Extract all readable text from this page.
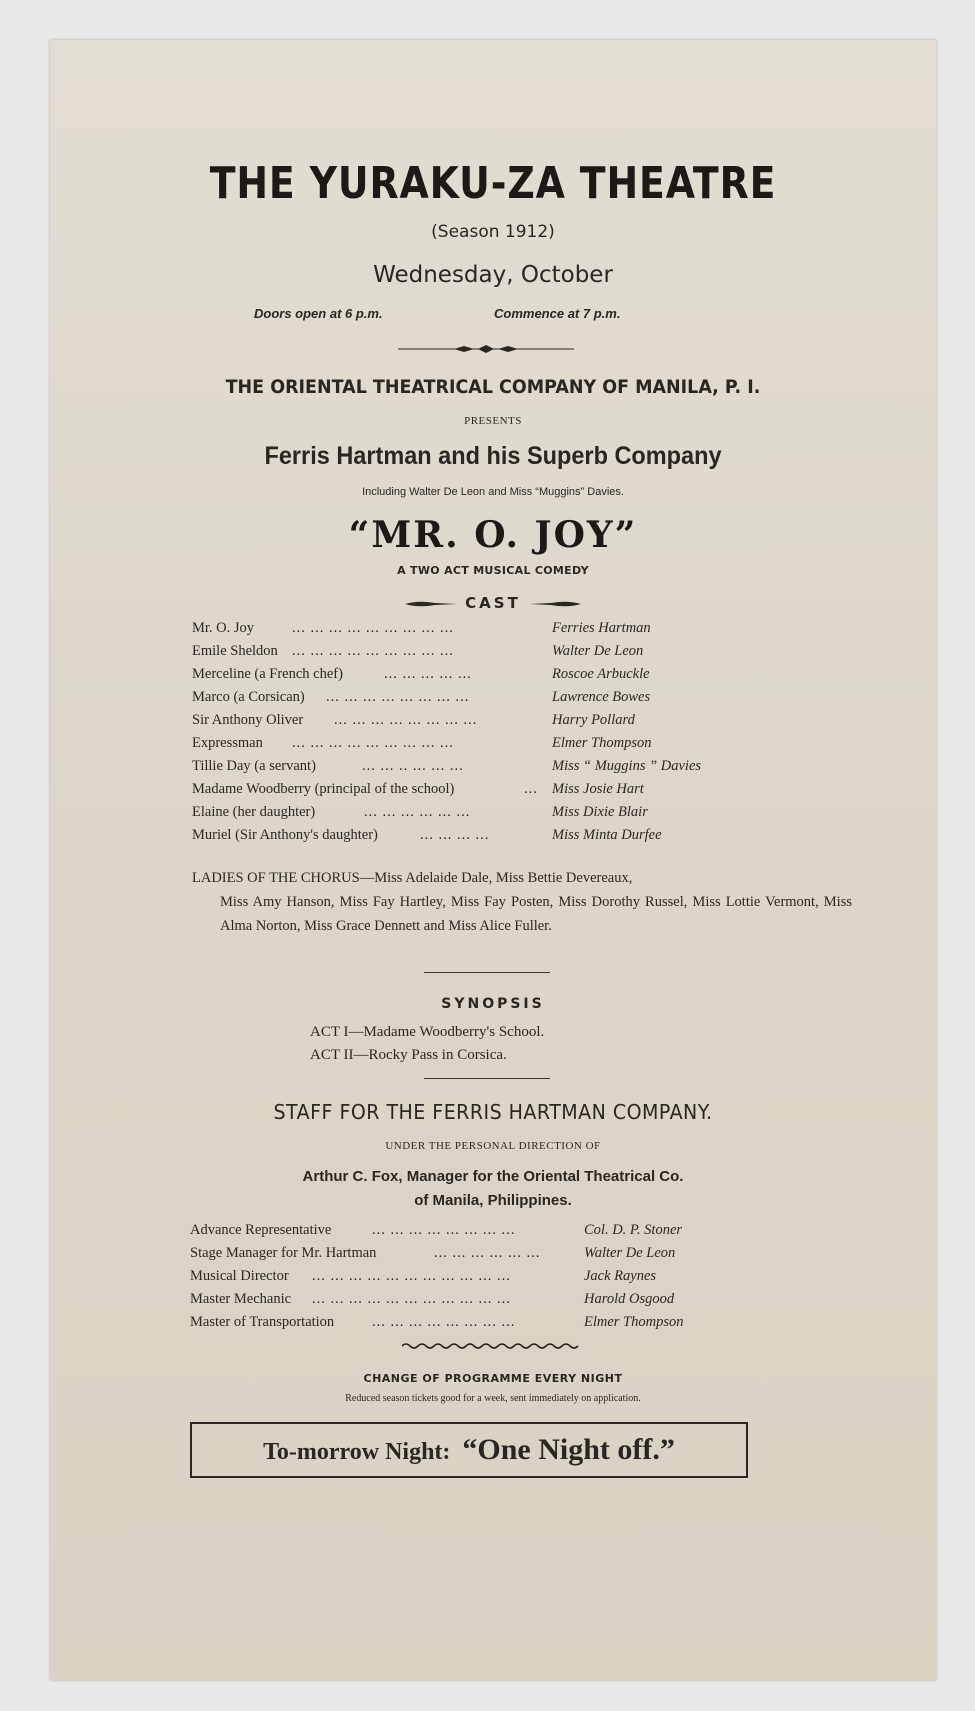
THE YURAKU-ZA THEATRE
(Season 1912)
Wednesday, October
Doors open at 6 p.m.	Commence at 7 p.m.
THE ORIENTAL THEATRICAL COMPANY OF MANILA, P. I.
PRESENTS
Ferris Hartman and his Superb Company
Including Walter De Leon and Miss “Muggins” Davies.
“MR. O. JOY”
A TWO ACT MUSICAL COMEDY
CAST
Mr. O. Joy	... ... ... ... ... ... ... ... ...	Ferries Hartman
Emile Sheldon ... ... ... ... ... ... ... ... ...	Walter De Leon
Merceline (a French chef)	... ... ... ... ...	Roscoe Arbuckle
Marco (a Corsican) ... ... ... ... ... ... ... ...	Lawrence Bowes
Sir Anthony Oliver ... ... ... ... ... ... ... ...	Harry Pollard
Expressman ... ... ... ... ... ... ... ... ...	Elmer Thompson
Tillie Day (a servant)	... ... .. ... ... ...	Miss “ Muggins ” Davies
Madame Woodberry (principal of the school)	... Miss Josie Hart
Elaine (her daughter)	... ... ... ... ... ...	Miss Dixie Blair
Muriel (Sir Anthony's daughter)	... ... ... ...	Miss Minta Durfee
LADIES OF THE CHORUS—Miss Adelaide Dale, Miss Bettie Devereaux,
Miss Amy Hanson, Miss Fay Hartley, Miss Fay Posten, Miss Dorothy Russel, Miss Lottie Vermont, Miss Alma Norton, Miss Grace Dennett and Miss Alice Fuller.
SYNOPSIS
ACT I—Madame Woodberry's School.
ACT II—Rocky Pass in Corsica.
STAFF FOR THE FERRIS HARTMAN COMPANY.
UNDER THE PERSONAL DIRECTION OF
Arthur C. Fox, Manager for the Oriental Theatrical Co.
of Manila, Philippines.
Advance Representative	... ... ... ... ... ... ... ...	Col. D. P. Stoner
Stage Manager for Mr. Hartman	... ... ... ... ... ...	Walter De Leon
Musical Director ... ... ... ... ... ... ... ... ... ... ...	Jack Raynes
Master Mechanic ... ... ... ... ... ... ... ... ... ... ...	Harold Osgood
Master of Transportation	... ... ... ... ... ... ... ...	Elmer Thompson
CHANGE OF PROGRAMME EVERY NIGHT
Reduced season tickets good for a week, sent immediately on application.
To-morrow Night: “One Night off.”
